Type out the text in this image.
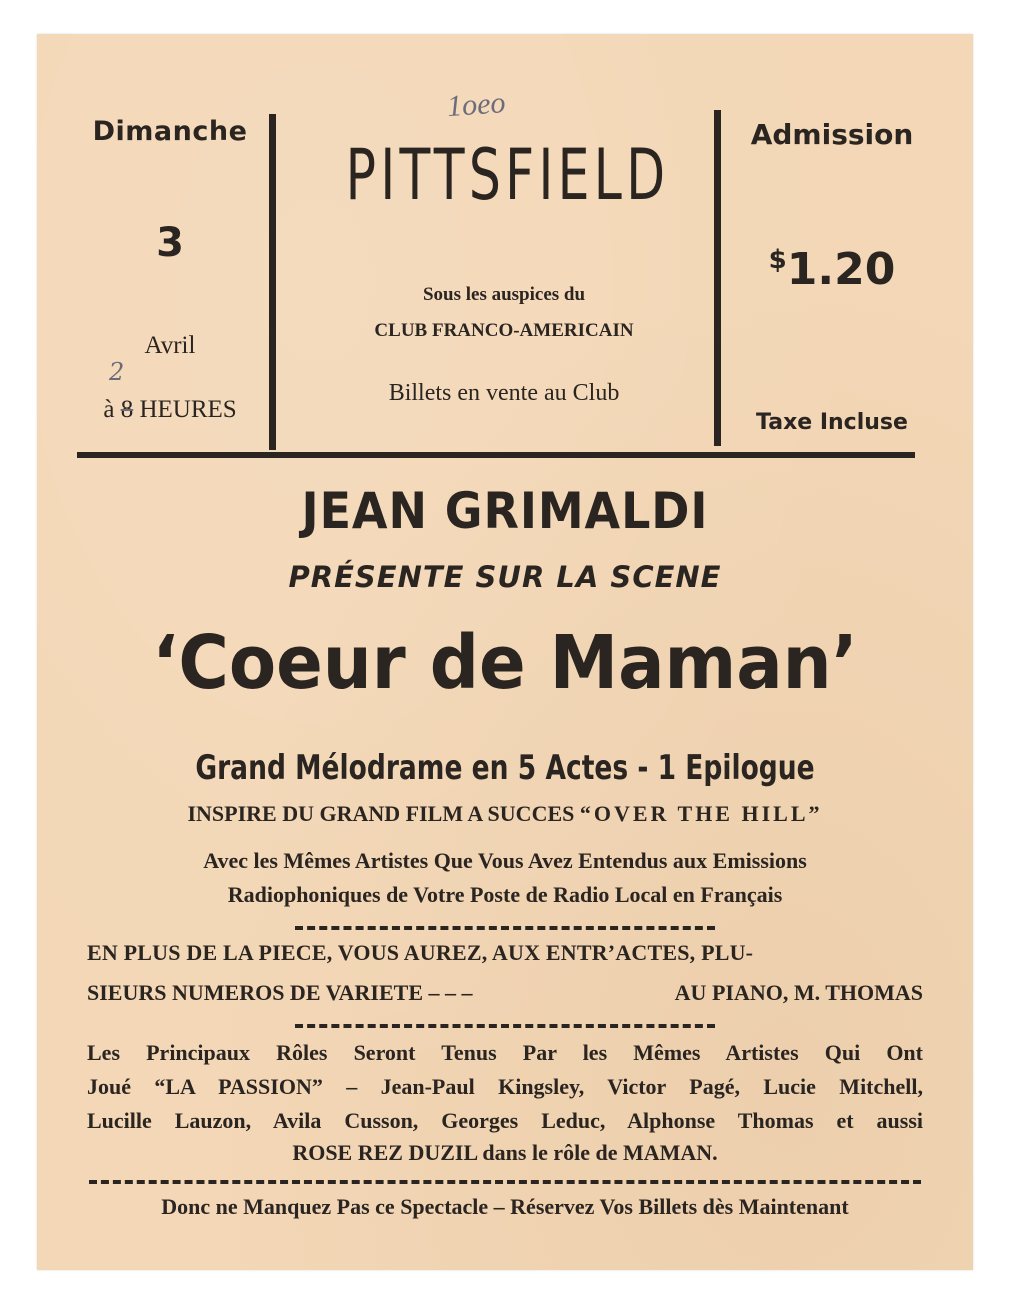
1oeo
Dimanche
3
2
Avril
à 8 HEURES
PITTSFIELD
Sous les auspices du
CLUB FRANCO-AMERICAIN
Billets en vente au Club
Admission
$1.20
Taxe Incluse
JEAN GRIMALDI
PRÉSENTE SUR LA SCENE
‘Coeur de Maman’
Grand Mélodrame en 5 Actes - 1 Epilogue
INSPIRE DU GRAND FILM A SUCCES “OVER THE HILL”
Avec les Mêmes Artistes Que Vous Avez Entendus aux Emissions
Radiophoniques de Votre Poste de Radio Local en Français
EN PLUS DE LA PIECE, VOUS AUREZ, AUX ENTR’ACTES, PLU-
SIEURS NUMEROS DE VARIETE – – –	AU PIANO, M. THOMAS
Les Principaux Rôles Seront Tenus Par les Mêmes Artistes Qui Ont
Joué “LA PASSION” – Jean-Paul Kingsley, Victor Pagé, Lucie Mitchell,
Lucille Lauzon, Avila Cusson, Georges Leduc, Alphonse Thomas et aussi
ROSE REZ DUZIL dans le rôle de MAMAN.
Donc ne Manquez Pas ce Spectacle – Réservez Vos Billets dès Maintenant
